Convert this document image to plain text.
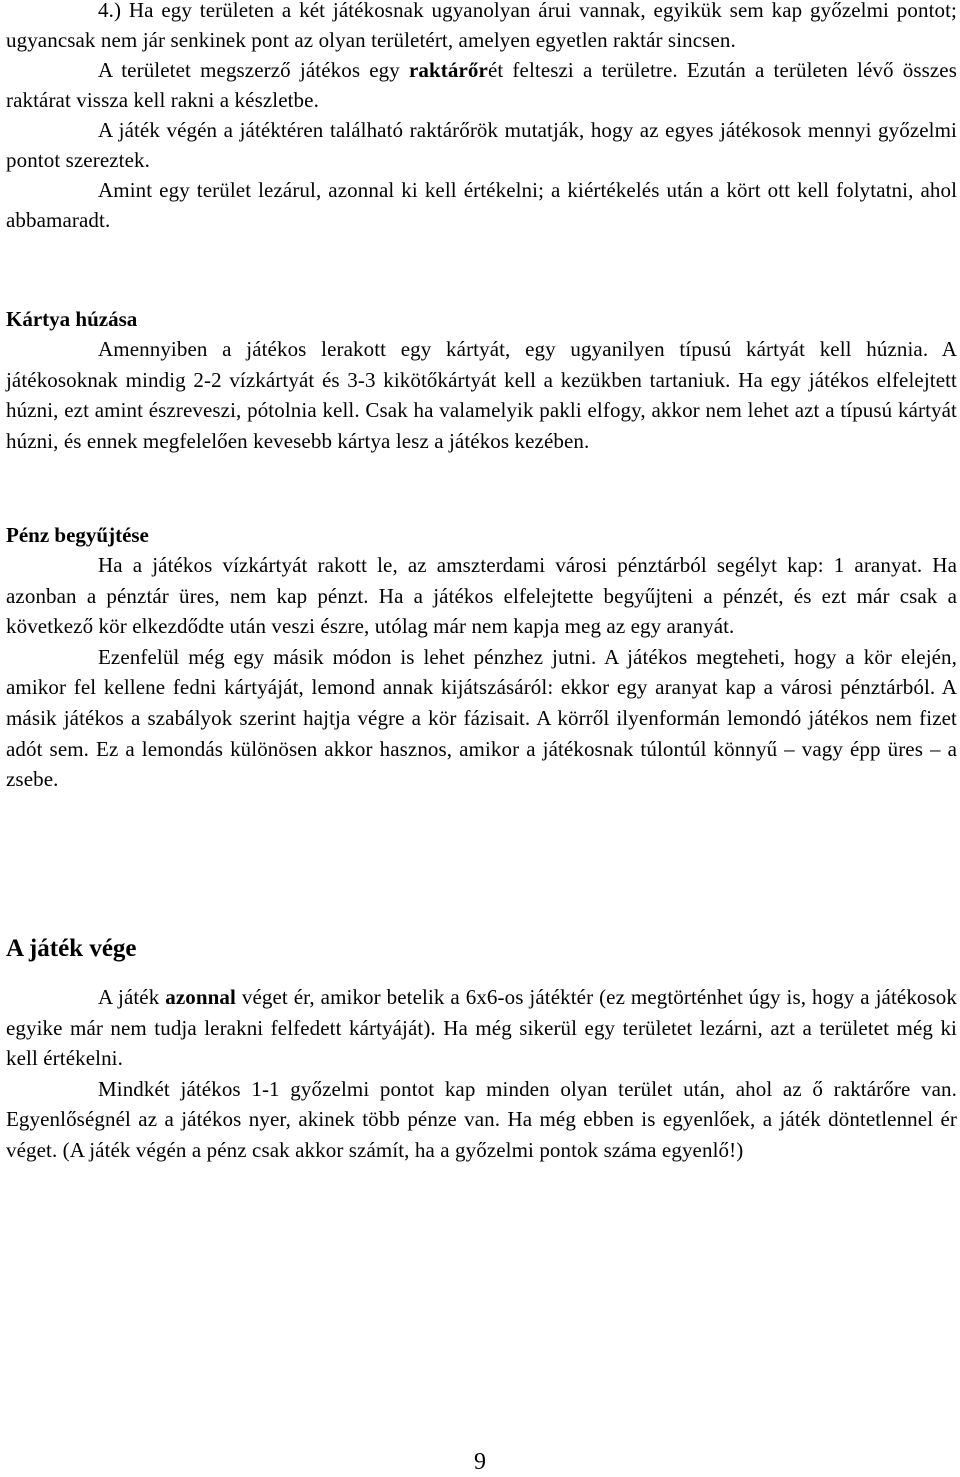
4.) Ha egy területen a két játékosnak ugyanolyan árui vannak, egyikük sem kap győzelmi pontot; ugyancsak nem jár senkinek pont az olyan területért, amelyen egyetlen raktár sincsen.

A területet megszerző játékos egy raktárőrét felteszi a területre. Ezután a területen lévő összes raktárat vissza kell rakni a készletbe.

A játék végén a játéktéren található raktárőrök mutatják, hogy az egyes játékosok mennyi győzelmi pontot szereztek.

Amint egy terület lezárul, azonnal ki kell értékelni; a kiértékelés után a kört ott kell folytatni, ahol abbamaradt.

Kártya húzása

Amennyiben a játékos lerakott egy kártyát, egy ugyanilyen típusú kártyát kell húznia. A játékosoknak mindig 2-2 vízkártyát és 3-3 kikötőkártyát kell a kezükben tartaniuk. Ha egy játékos elfelejtett húzni, ezt amint észreveszi, pótolnia kell. Csak ha valamelyik pakli elfogy, akkor nem lehet azt a típusú kártyát húzni, és ennek megfelelően kevesebb kártya lesz a játékos kezében.

Pénz begyűjtése

Ha a játékos vízkártyát rakott le, az amszterdami városi pénztárból segélyt kap: 1 aranyat. Ha azonban a pénztár üres, nem kap pénzt. Ha a játékos elfelejtette begyűjteni a pénzét, és ezt már csak a következő kör elkezdődte után veszi észre, utólag már nem kapja meg az egy aranyát.

Ezenfelül még egy másik módon is lehet pénzhez jutni. A játékos megteheti, hogy a kör elején, amikor fel kellene fedni kártyáját, lemond annak kijátszásáról: ekkor egy aranyat kap a városi pénztárból. A másik játékos a szabályok szerint hajtja végre a kör fázisait. A körről ilyenformán lemondó játékos nem fizet adót sem. Ez a lemondás különösen akkor hasznos, amikor a játékosnak túlontúl könnyű – vagy épp üres – a zsebe.

A játék vége

A játék azonnal véget ér, amikor betelik a 6x6-os játéktér (ez megtörténhet úgy is, hogy a játékosok egyike már nem tudja lerakni felfedett kártyáját). Ha még sikerül egy területet lezárni, azt a területet még ki kell értékelni.

Mindkét játékos 1-1 győzelmi pontot kap minden olyan terület után, ahol az ő raktárőre van. Egyenlőségnél az a játékos nyer, akinek több pénze van. Ha még ebben is egyenlőek, a játék döntetlennel ér véget. (A játék végén a pénz csak akkor számít, ha a győzelmi pontok száma egyenlő!)

9
